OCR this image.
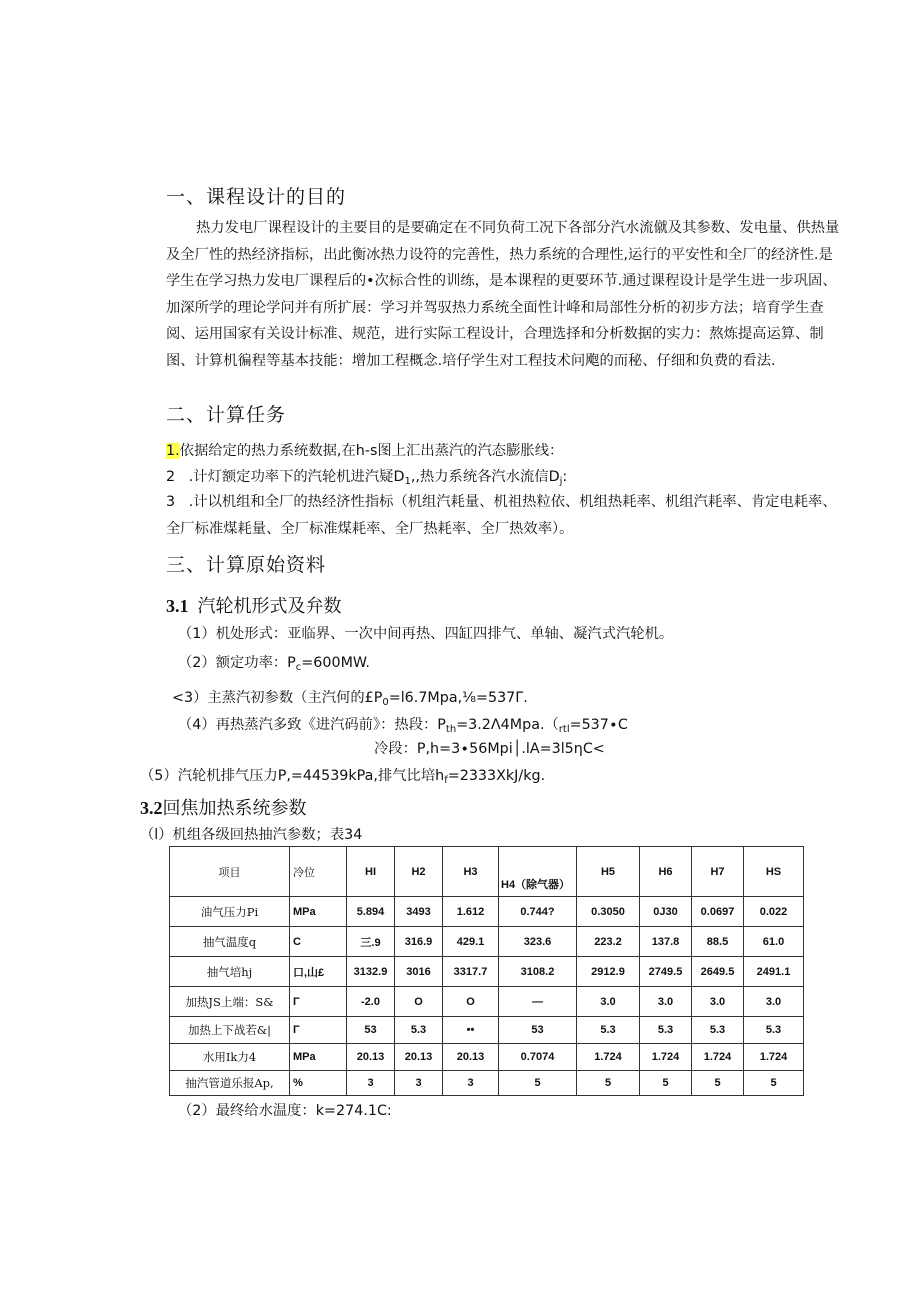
一、课程设计的目的
热力发电厂课程设计的主要目的是要确定在不同负荷工况下各部分汽水流僦及其参数、发电量、供热量及全厂性的热经济指标，出此衡冰热力设符的完善性，热力系统的合理性,运行的平安性和全厂的经济性.是学生在学习热力发电厂课程后的•次标合性的训练，是本课程的更要环节.通过课程设计是学生进一步巩固、加深所学的理论学问并有所扩展：学习并驾驭热力系统全面性计峰和局部性分析的初步方法；培育学生查阅、运用国家有关设计标准、规范，进行实际工程设计，合理选择和分析数据的实力：熬炼提高运算、制图、计算机徧程等基本技能：增加工程概念.培仔学生对工程技术问飑的而秘、仔细和负费的看法.
二、计算任务
1.依据给定的热力系统数据,在h-s图上汇出蒸汽的汽态膨胀线：
2 .计灯额定功率下的汽轮机进汽疑$D_1$,,热力系统各汽水流信$D_j$:
3 .计以机组和全厂的热经济性指标（机组汽耗量、机祖热粒依、机组热耗率、机组汽耗率、肯定电耗率、全厂标准煤耗量、全厂标准煤耗率、全厂热耗率、全厂热效率）。
三、计算原始资料
3.1 汽轮机形式及弁数
（1）机处形式：亚临界、一次中间再热、四缸四排气、单轴、凝汽式汽轮机。
（2）额定功率：$P_c=600MW$.
<3）主蒸汽初参数（主汽何的$£P_0=l6.7Mpa,\frac{1}{8}=537\Gamma$.
（4）再热蒸汽多致《进汽码前》：热段：$P_{th}=3.2\Lambda 4Mpa.(_{rtl}=537\cdot C$
冷段：P,h=3∙56Mpi│.lA=3l5ηC<
（5）汽轮机排气压力P,=44539kPa,排气比培$h_f=2333XkJ∕kg$.
3.2回焦加热系统参数
（l）机组各级回热抽汽参数；表34
项目	冷位	HI	H2	H3	H4（除气器）	H5	H6	H7	HS
油气压力Pi	MPa	5.894	3493	1.612	0.744?	0.3050	0J30	0.0697	0.022
抽气温度q	C	三.9	316.9	429.1	323.6	223.2	137.8	88.5	61.0
抽气培hj	口,山£	3132.9	3016	3317.7	3108.2	2912.9	2749.5	2649.5	2491.1
加热JS上端：S&	Γ	-2.0	O	O	—	3.0	3.0	3.0	3.0
加热上下战若&|	Γ	53	5.3	••	53	5.3	5.3	5.3	5.3
水用Ik力4	MPa	20.13	20.13	20.13	0.7074	1.724	1.724	1.724	1.724
抽汽管道乐报Ap,	%	3	3	3	5	5	5	5	5
（2）最终给水温度：k=274.1C:
